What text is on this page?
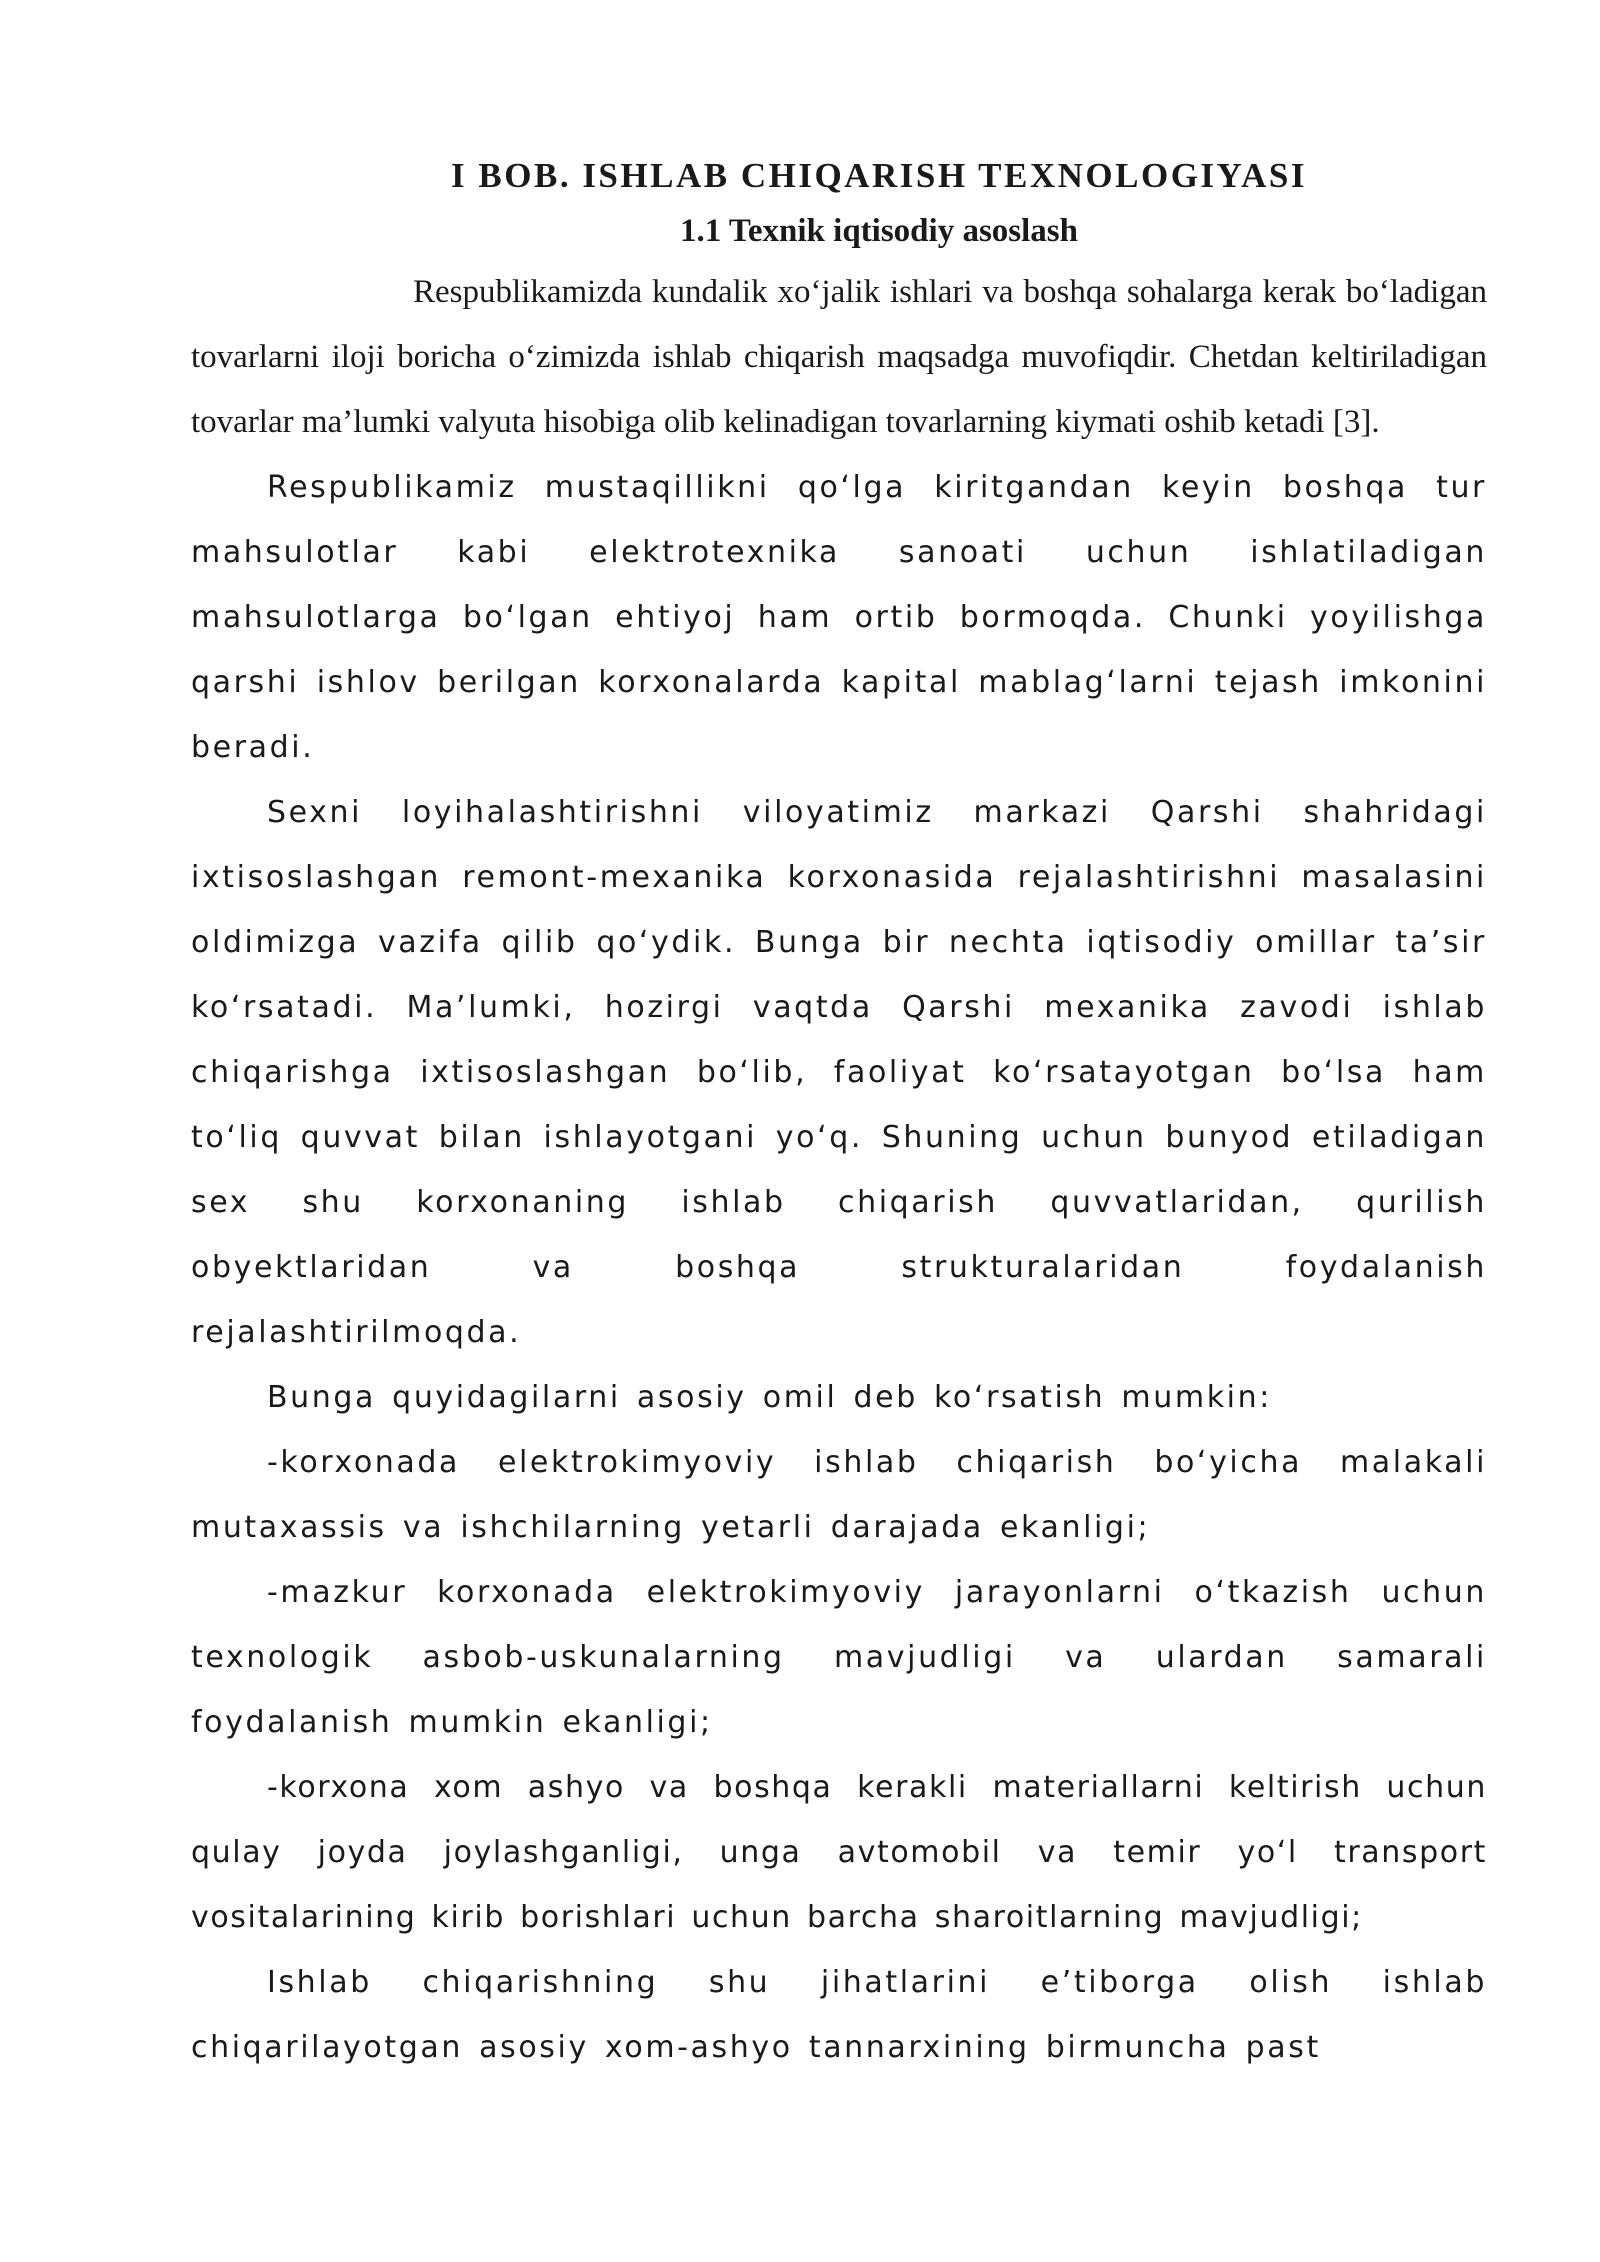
I BOB. ISHLAB CHIQARISH TEXNOLOGIYASI
1.1 Texnik iqtisodiy asoslash

Respublikamizda kundalik xo‘jalik ishlari va boshqa sohalarga kerak bo‘ladigan tovarlarni iloji boricha o‘zimizda ishlab chiqarish maqsadga muvofiqdir. Chetdan keltiriladigan tovarlar ma’lumki valyuta hisobiga olib kelinadigan tovarlarning kiymati oshib ketadi [3].

Respublikamiz mustaqillikni qo‘lga kiritgandan keyin boshqa tur mahsulotlar kabi elektrotexnika sanoati uchun ishlatiladigan mahsulotlarga bo‘lgan ehtiyoj ham ortib bormoqda. Chunki yoyilishga qarshi ishlov berilgan korxonalarda kapital mablag‘larni tejash imkonini beradi.

Sexni loyihalashtirishni viloyatimiz markazi Qarshi shahridagi ixtisoslashgan remont-mexanika korxonasida rejalashtirishni masalasini oldimizga vazifa qilib qo‘ydik. Bunga bir nechta iqtisodiy omillar ta’sir ko‘rsatadi. Ma’lumki, hozirgi vaqtda Qarshi mexanika zavodi ishlab chiqarishga ixtisoslashgan bo‘lib, faoliyat ko‘rsatayotgan bo‘lsa ham to‘liq quvvat bilan ishlayotgani yo‘q. Shuning uchun bunyod etiladigan sex shu korxonaning ishlab chiqarish quvvatlaridan, qurilish obyektlaridan va boshqa strukturalaridan foydalanish rejalashtirilmoqda.

Bunga quyidagilarni asosiy omil deb ko‘rsatish mumkin:

-korxonada elektrokimyoviy ishlab chiqarish bo‘yicha malakali mutaxassis va ishchilarning yetarli darajada ekanligi;

-mazkur korxonada elektrokimyoviy jarayonlarni o‘tkazish uchun texnologik asbob-uskunalarning mavjudligi va ulardan samarali foydalanish mumkin ekanligi;

-korxona xom ashyo va boshqa kerakli materiallarni keltirish uchun qulay joyda joylashganligi, unga avtomobil va temir yo‘l transport vositalarining kirib borishlari uchun barcha sharoitlarning mavjudligi;

Ishlab chiqarishning shu jihatlarini e’tiborga olish ishlab chiqarilayotgan asosiy xom-ashyo tannarxining birmuncha past
